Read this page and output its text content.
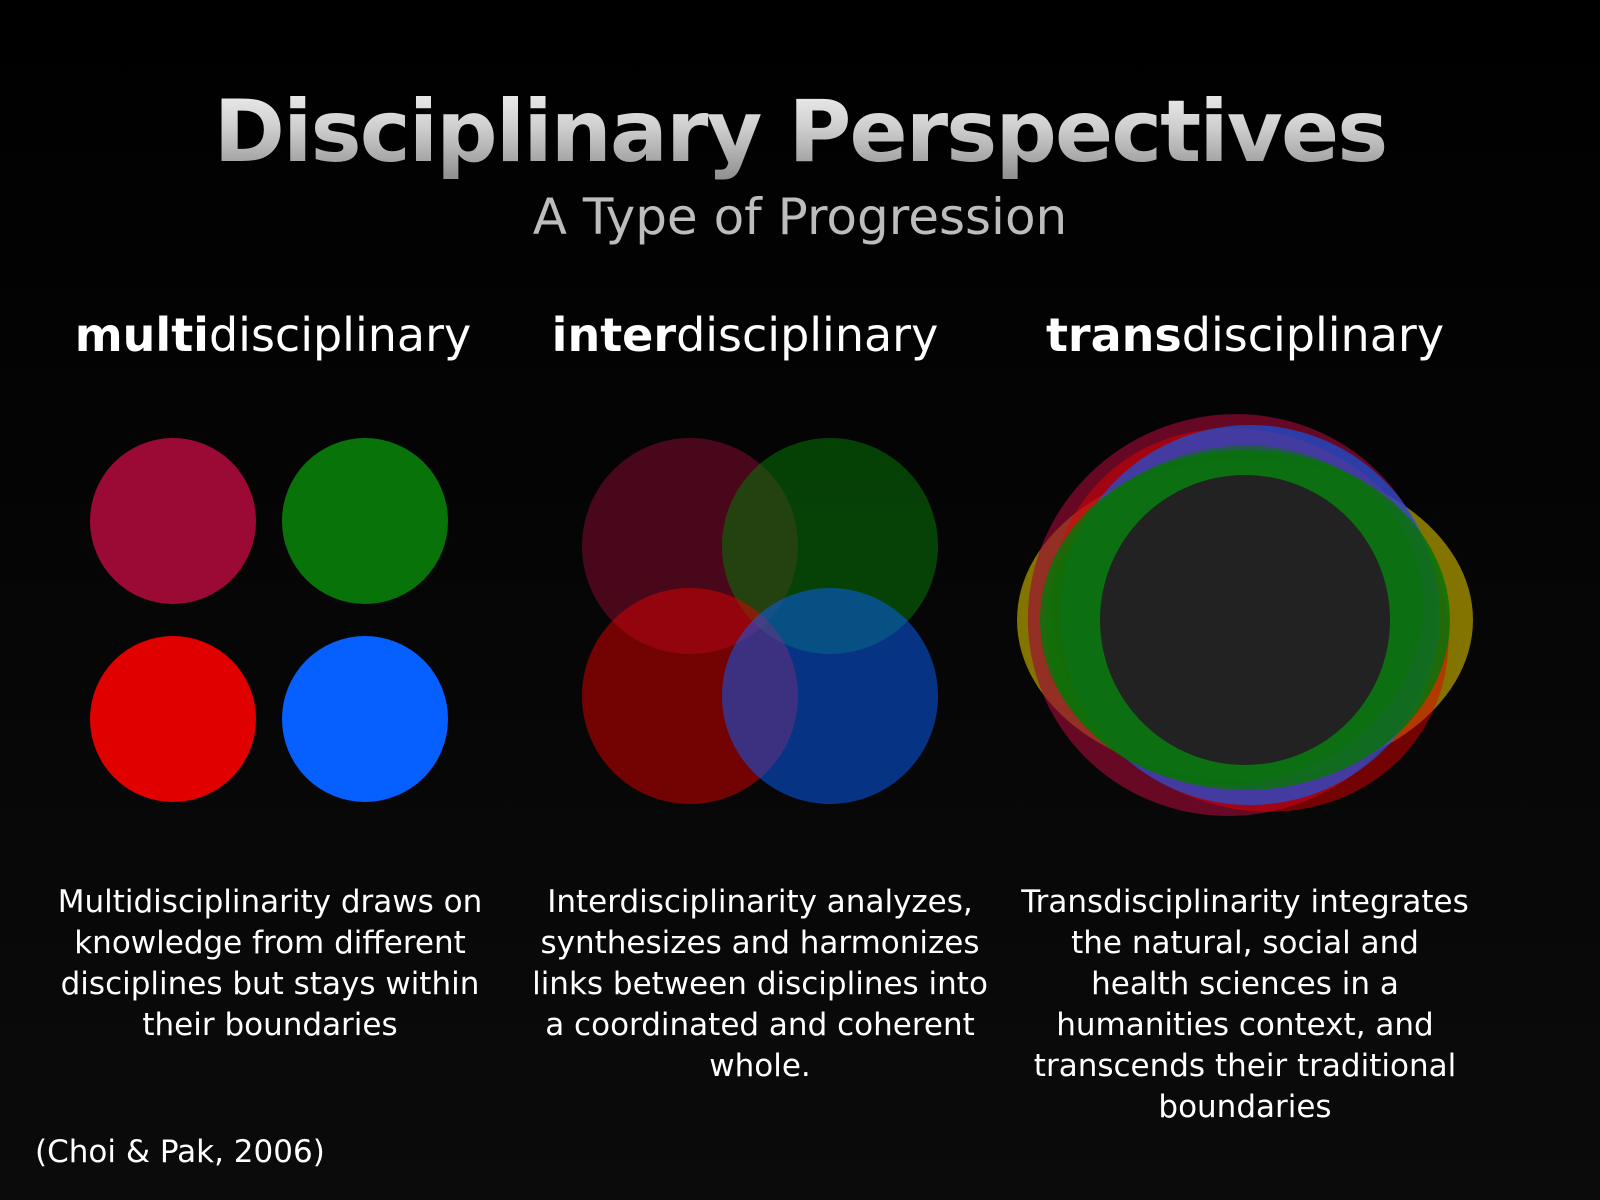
Disciplinary Perspectives
A Type of Progression
multidisciplinary interdisciplinary	transdisciplinary
Multidisciplinarity draws on knowledge from different disciplines but stays within their boundaries
Interdisciplinarity analyzes, synthesizes and harmonizes links between disciplines into a coordinated and coherent whole.
Transdisciplinarity integrates the natural, social and health sciences in a humanities context, and transcends their traditional boundaries
(Choi & Pak, 2006)
